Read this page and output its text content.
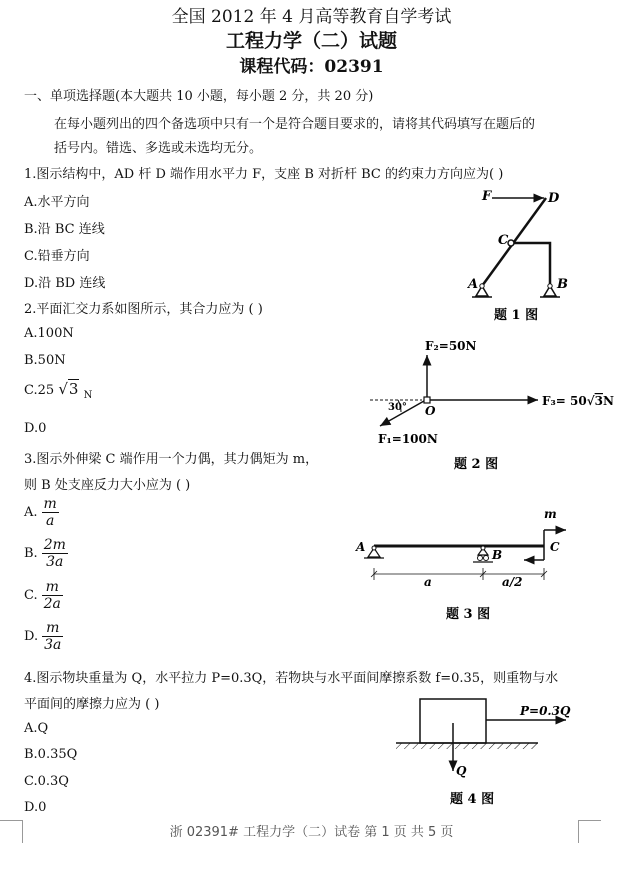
全国 2012 年 4 月高等教育自学考试
工程力学（二）试题
课程代码：02391
一、单项选择题(本大题共 10 小题，每小题 2 分，共 20 分)
在每小题列出的四个备选项中只有一个是符合题目要求的，请将其代码填写在题后的
括号内。错选、多选或未选均无分。
1.图示结构中，AD 杆 D 端作用水平力 F，支座 B 对折杆 BC 的约束力方向应为( )
A.水平方向
B.沿 BC 连线
C.铅垂方向
D.沿 BD 连线
F	D
C
A	B
题 1 图
2.平面汇交力系如图所示，其合力应为 ( )
A.100N
B.50N
C.25 √3 $_N$
D.0
F₂=50N
30° O
F₃= 50√3N
F₁=100N
题 2 图
3.图示外伸梁 C 端作用一个力偶，其力偶矩为 m，
则 B 处支座反力大小应为 ( )
A. $\frac{m}{a}$
B. $\frac{2m}{3a}$
C. $\frac{m}{2a}$
D. $\frac{m}{3a}$
m
A
B
C
a	a/2
题 3 图
4.图示物块重量为 Q，水平拉力 P=0.3Q，若物块与水平面间摩擦系数 f=0.35，则重物与水
平面间的摩擦力应为 ( )
A.Q
B.0.35Q
C.0.3Q
D.0
P=0.3Q
Q
题 4 图
浙 02391# 工程力学（二）试卷 第 1 页 共 5 页
